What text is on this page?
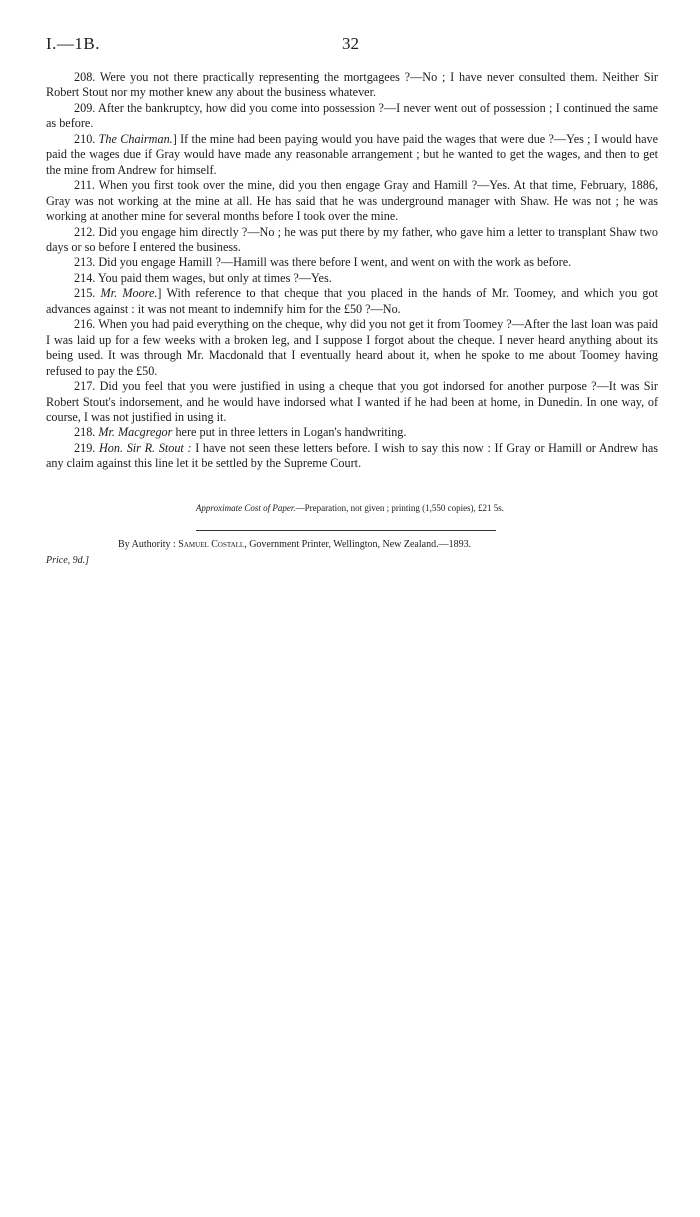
I.—1B.	32

208. Were you not there practically representing the mortgagees ?—No ; I have never consulted them. Neither Sir Robert Stout nor my mother knew any about the business whatever.

209. After the bankruptcy, how did you come into possession ?—I never went out of possession ; I continued the same as before.

210. The Chairman.] If the mine had been paying would you have paid the wages that were due ?—Yes ; I would have paid the wages due if Gray would have made any reasonable arrangement ; but he wanted to get the wages, and then to get the mine from Andrew for himself.

211. When you first took over the mine, did you then engage Gray and Hamill ?—Yes. At that time, February, 1886, Gray was not working at the mine at all. He has said that he was underground manager with Shaw. He was not ; he was working at another mine for several months before I took over the mine.

212. Did you engage him directly ?—No ; he was put there by my father, who gave him a letter to transplant Shaw two days or so before I entered the business.

213. Did you engage Hamill ?—Hamill was there before I went, and went on with the work as before.

214. You paid them wages, but only at times ?—Yes.

215. Mr. Moore.] With reference to that cheque that you placed in the hands of Mr. Toomey, and which you got advances against : it was not meant to indemnify him for the £50 ?—No.

216. When you had paid everything on the cheque, why did you not get it from Toomey ?—After the last loan was paid I was laid up for a few weeks with a broken leg, and I suppose I forgot about the cheque. I never heard anything about its being used. It was through Mr. Macdonald that I eventually heard about it, when he spoke to me about Toomey having refused to pay the £50.

217. Did you feel that you were justified in using a cheque that you got indorsed for another purpose ?—It was Sir Robert Stout's indorsement, and he would have indorsed what I wanted if he had been at home, in Dunedin. In one way, of course, I was not justified in using it.

218. Mr. Macgregor here put in three letters in Logan's handwriting.

219. Hon. Sir R. Stout : I have not seen these letters before. I wish to say this now : If Gray or Hamill or Andrew has any claim against this line let it be settled by the Supreme Court.

Approximate Cost of Paper.—Preparation, not given ; printing (1,550 copies), £21 5s.
By Authority : Samuel Costall, Government Printer, Wellington, New Zealand.—1893.
Price, 9d.]
